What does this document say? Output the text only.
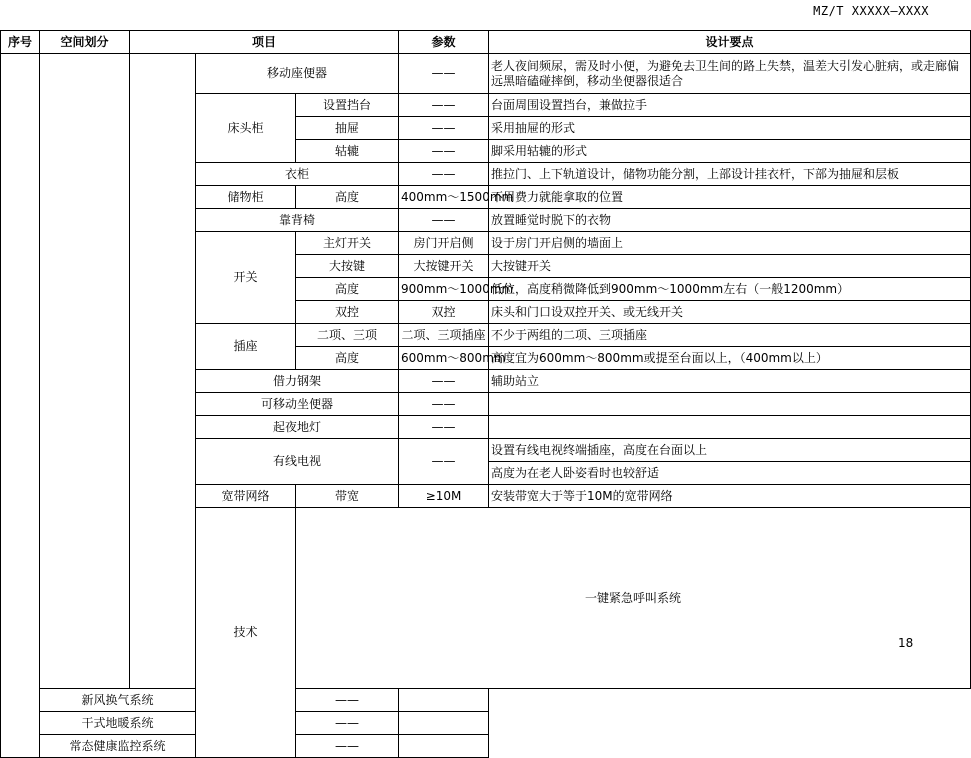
MZ/T XXXXX—XXXX
序号	空间划分	项目			参数	设计要点	
			移动座便器		——	老人夜间频尿，需及时小便，为避免去卫生间的路上失禁，温差大引发心脏病，或走廊偏远黑暗磕碰摔倒，移动坐便器很适合	
			床头柜	设置挡台	——	台面周围设置挡台，兼做拉手	
				抽屉	——	采用抽屉的形式	
				轱辘	——	脚采用轱辘的形式	
			衣柜		——	推拉门、上下轨道设计，储物功能分割，上部设计挂衣杆，下部为抽屉和层板	
			储物柜	高度	400mm～1500mm	不用费力就能拿取的位置	
			靠背椅		——	放置睡觉时脱下的衣物	
			开关	主灯开关	房门开启侧	设于房门开启侧的墙面上	
				大按键	大按键开关	大按键开关	
				高度	900mm～1000mm	低位，高度稍微降低到900mm～1000mm左右（一般1200mm）	
				双控	双控	床头和门口设双控开关、或无线开关	
			插座	二项、三项	二项、三项插座	不少于两组的二项、三项插座	
				高度	600mm～800mm	高度宜为600mm～800mm或提至台面以上，（400mm以上）	
			借力钢架		——	辅助站立	
			可移动坐便器		——		
			起夜地灯		——		
			有线电视		——	设置有线电视终端插座，高度在台面以上	
						高度为在老人卧姿看时也较舒适	
			宽带网络	带宽	≥10M	安装带宽大于等于10M的宽带网络	
			技术	一键紧急呼叫系统	
	新风换气系统			——			
	干式地暖系统			——			
	常态健康监控系统			——			
18
